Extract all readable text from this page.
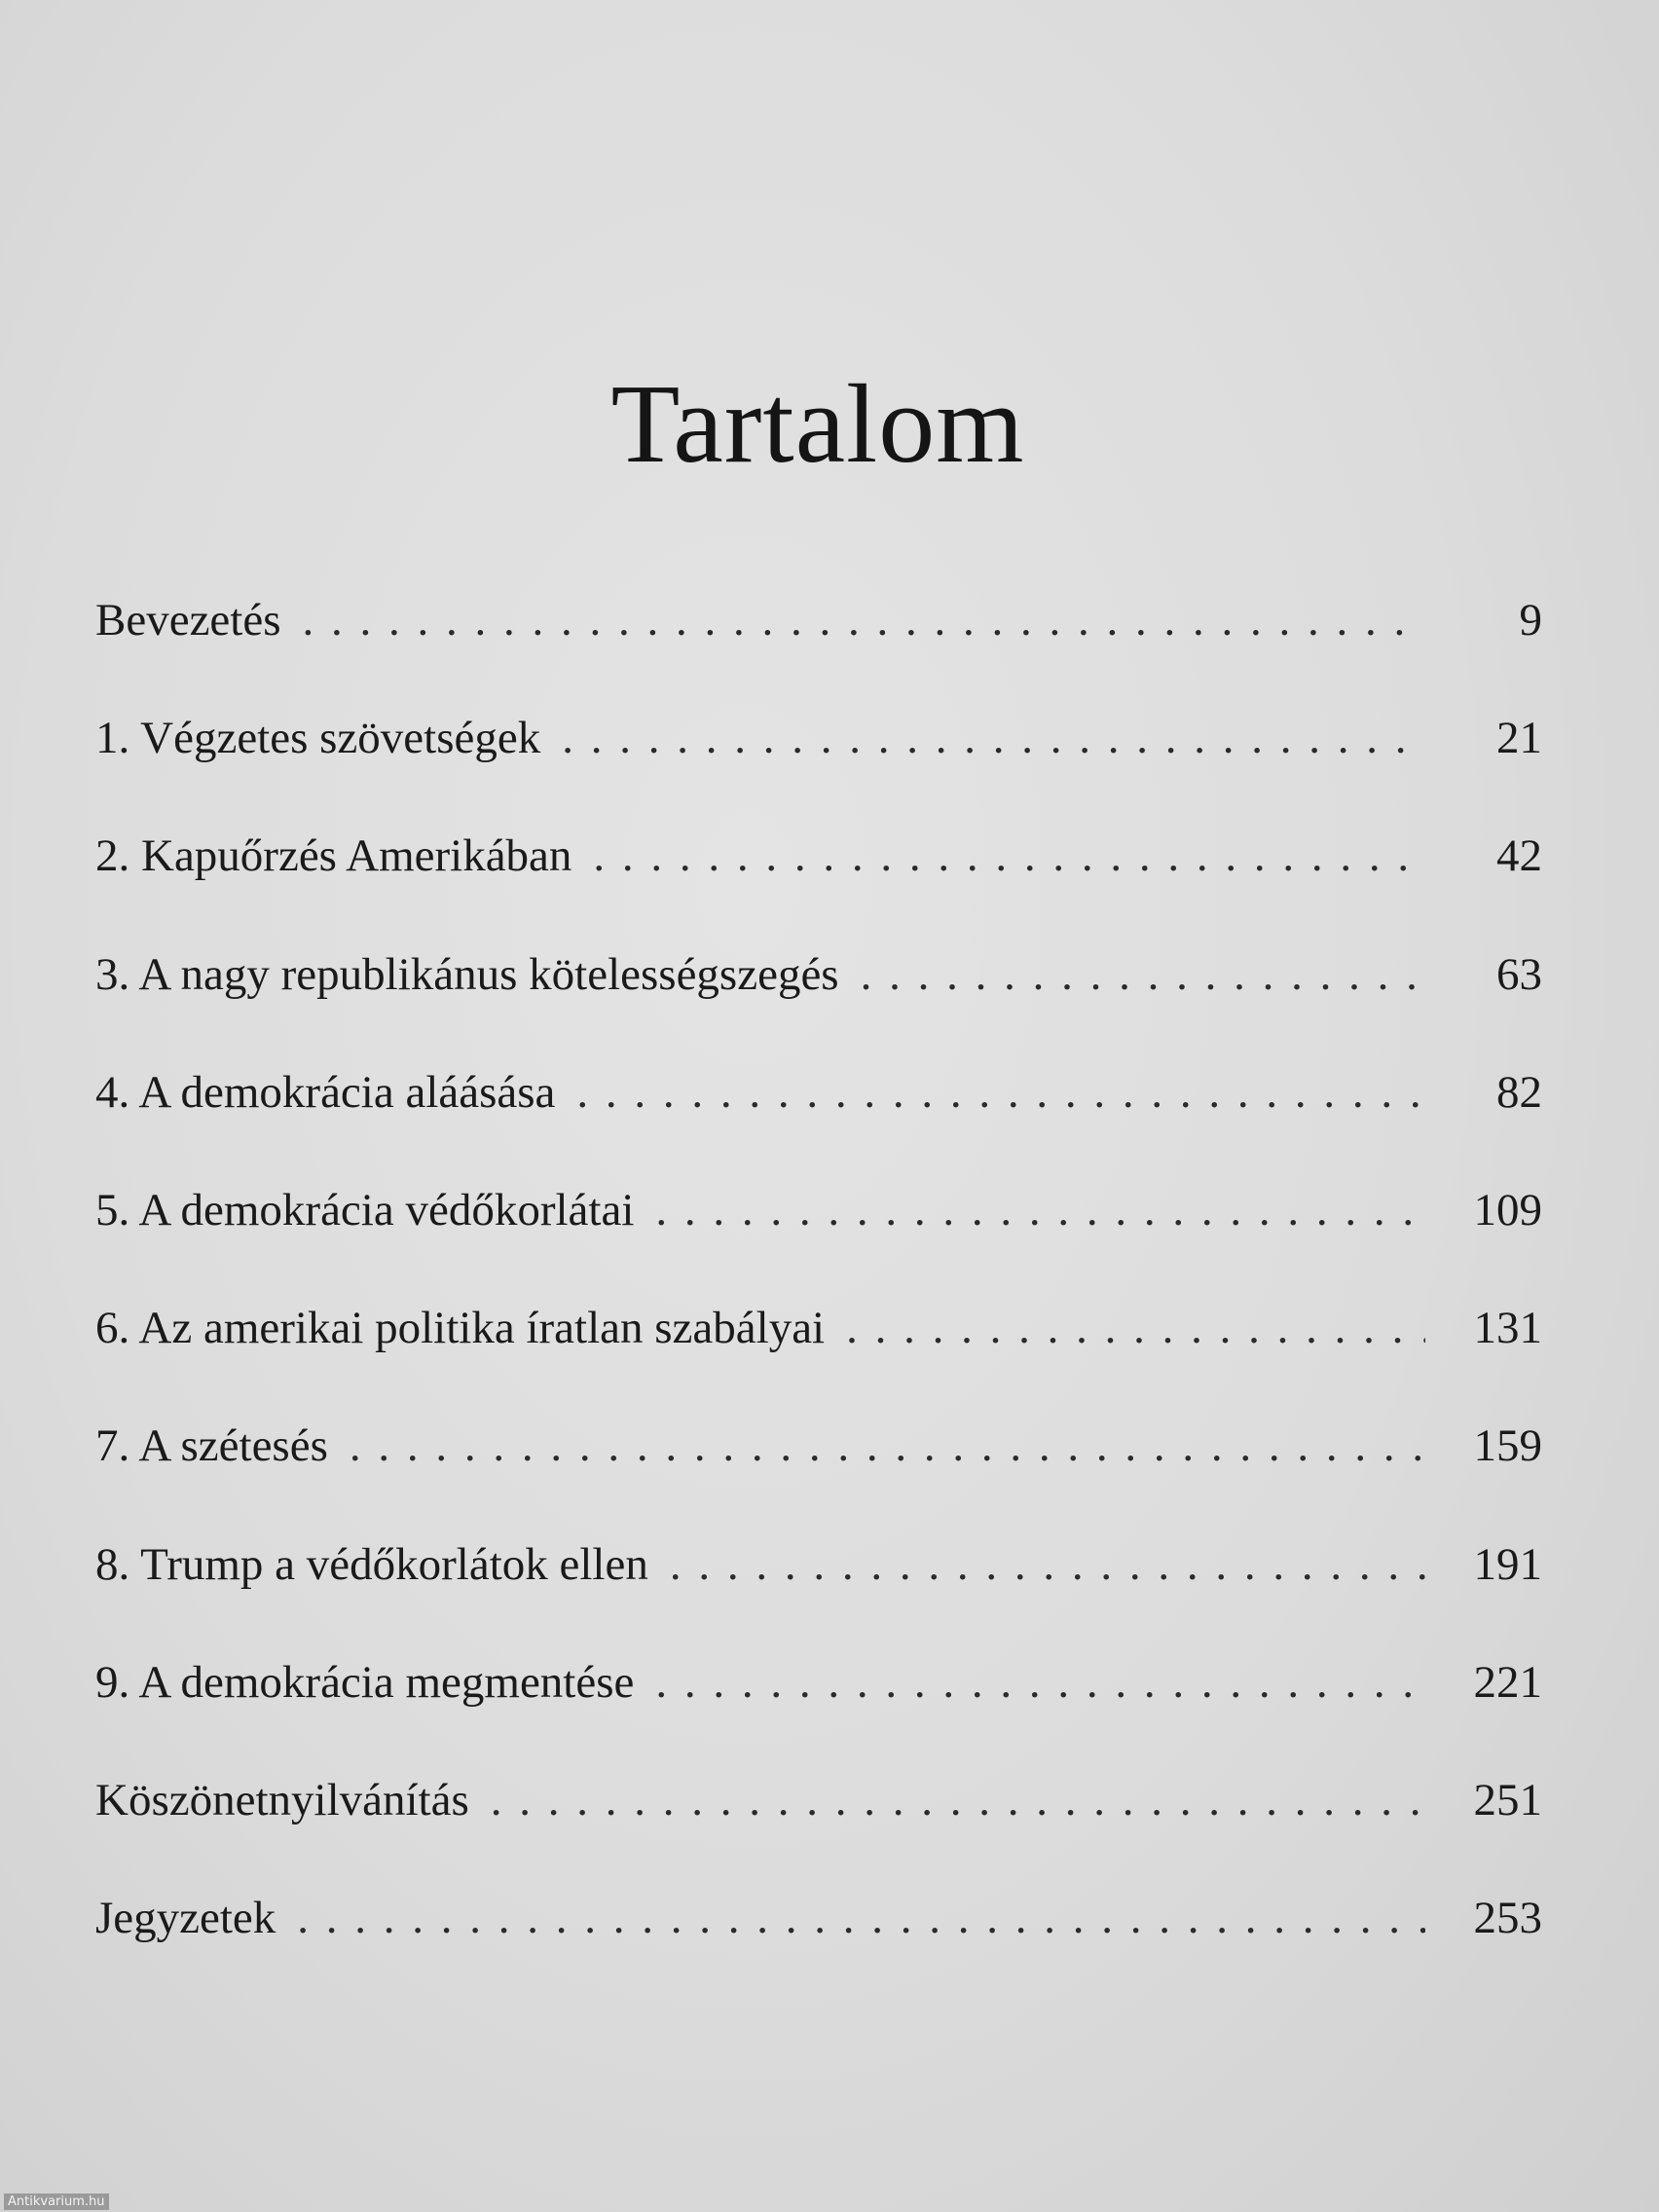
Tartalom
Bevezetés . . .	9
1. Végzetes szövetségek . . .	21
2. Kapuőrzés Amerikában . . .	42
3. A nagy republikánus kötelességszegés . . .	63
4. A demokrácia aláásása . . .	82
5. A demokrácia védőkorlátai . . .	109
6. Az amerikai politika íratlan szabályai . . .	131
7. A szétesés . . .	159
8. Trump a védőkorlátok ellen . . .	191
9. A demokrácia megmentése . . .	221
Köszönetnyilvánítás . . .	251
Jegyzetek . . .	253
Antikvarium.hu
